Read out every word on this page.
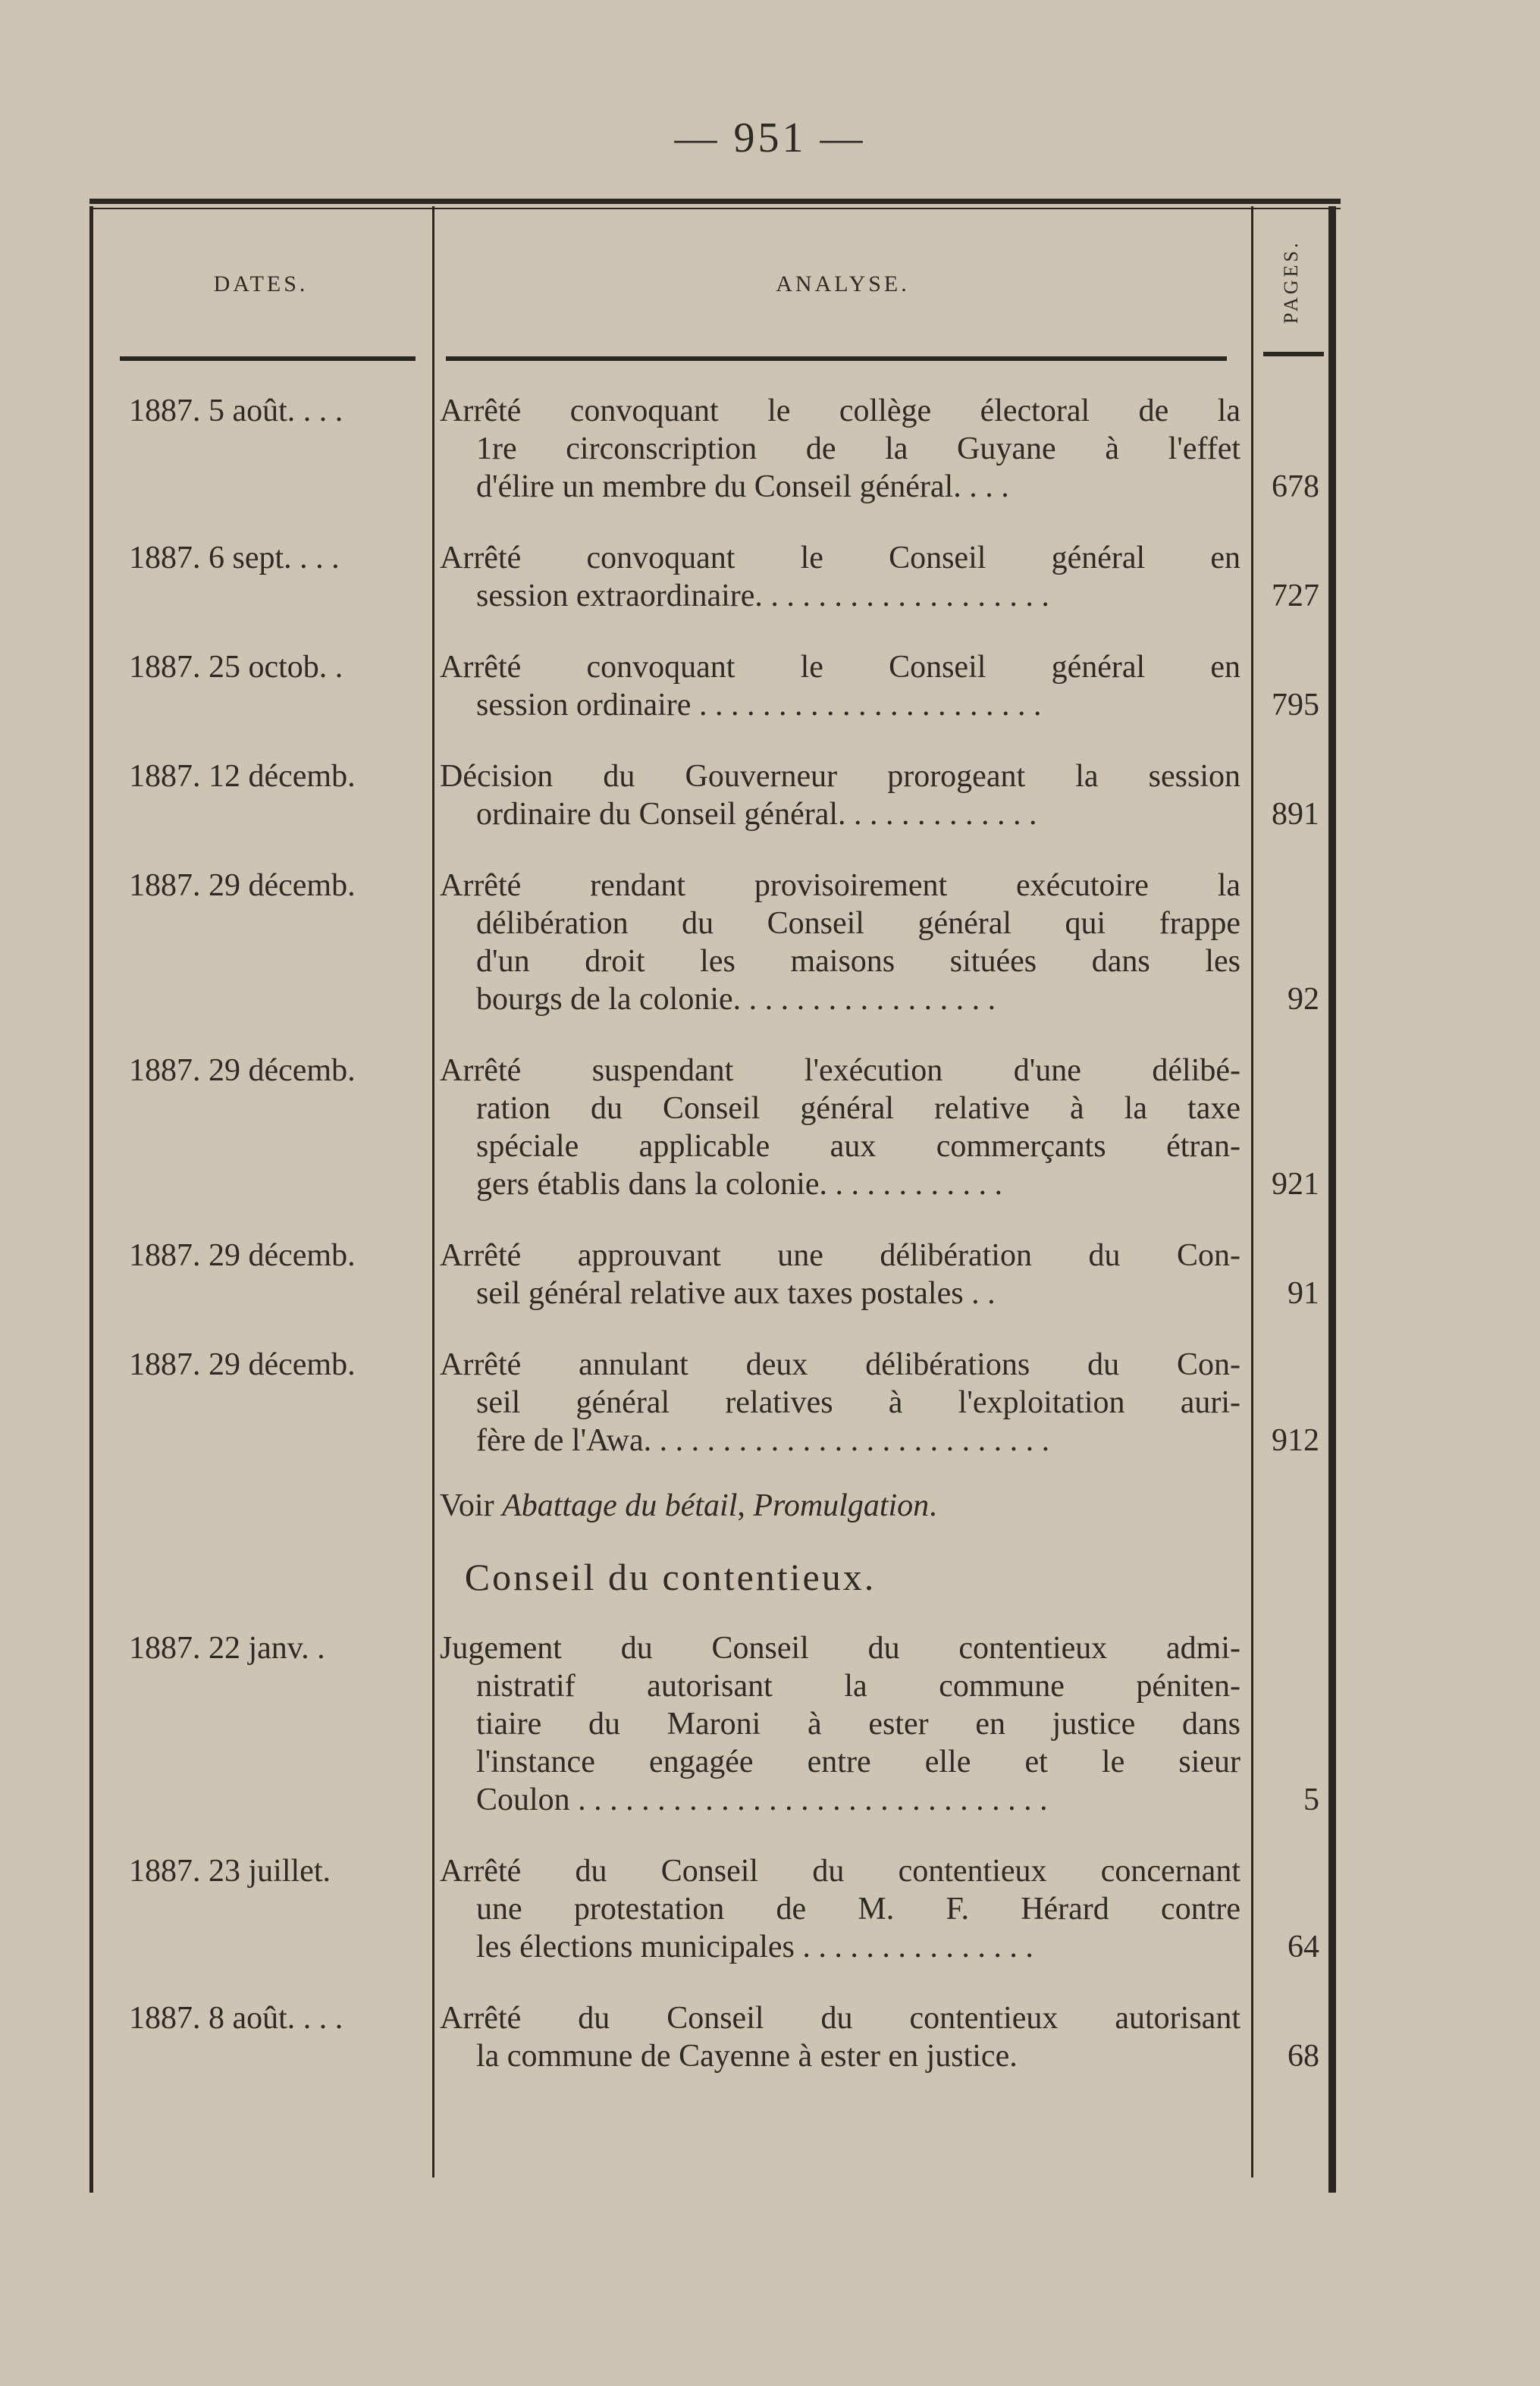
— 951 —
DATES.	ANALYSE.	PAGES.
1887. 5 août. . . .	Arrêté convoquant le collège électoral de la
1re circonscription de la Guyane à l'effet
d'élire un membre du Conseil général. . . .	678
1887. 6 sept. . . .	Arrêté convoquant le Conseil général en
session extraordinaire. . . . . . . . . . . . . . . . . . .	727
1887. 25 octob. .	Arrêté convoquant le Conseil général en
session ordinaire . . . . . . . . . . . . . . . . . . . . . .	795
1887. 12 décemb.	Décision du Gouverneur prorogeant la session
ordinaire du Conseil général. . . . . . . . . . . . .	891
1887. 29 décemb.	Arrêté rendant provisoirement exécutoire la
délibération du Conseil général qui frappe
d'un droit les maisons situées dans les
bourgs de la colonie. . . . . . . . . . . . . . . . .	92
1887. 29 décemb.	Arrêté suspendant l'exécution d'une délibé-
ration du Conseil général relative à la taxe
spéciale applicable aux commerçants étran-
gers établis dans la colonie. . . . . . . . . . . .	921
1887. 29 décemb.	Arrêté approuvant une délibération du Con-
seil général relative aux taxes postales . .	91
1887. 29 décemb.	Arrêté annulant deux délibérations du Con-
seil général relatives à l'exploitation auri-
fère de l'Awa. . . . . . . . . . . . . . . . . . . . . . . . . .	912
Voir Abattage du bétail, Promulgation.
Conseil du contentieux.
1887. 22 janv. .	Jugement du Conseil du contentieux admi-
nistratif autorisant la commune péniten-
tiaire du Maroni à ester en justice dans
l'instance engagée entre elle et le sieur
Coulon . . . . . . . . . . . . . . . . . . . . . . . . . . . . . .	5
1887. 23 juillet.	Arrêté du Conseil du contentieux concernant
une protestation de M. F. Hérard contre
les élections municipales . . . . . . . . . . . . . . .	64
1887. 8 août. . . .	Arrêté du Conseil du contentieux autorisant
la commune de Cayenne à ester en justice.	68
